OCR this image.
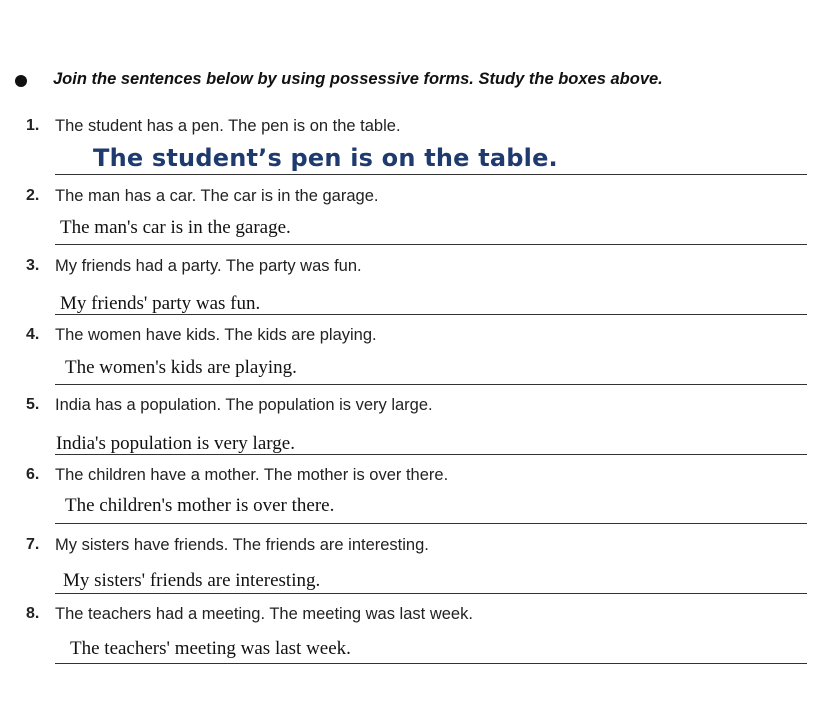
Join the sentences below by using possessive forms. Study the boxes above.
1. The student has a pen. The pen is on the table.
The student’s pen is on the table.
2. The man has a car. The car is in the garage.
The man's car is in the garage.
3. My friends had a party. The party was fun.
My friends' party was fun.
4. The women have kids. The kids are playing.
The women's kids are playing.
5. India has a population. The population is very large.
India's population is very large.
6. The children have a mother. The mother is over there.
The children's mother is over there.
7. My sisters have friends. The friends are interesting.
My sisters' friends are interesting.
8. The teachers had a meeting. The meeting was last week.
The teachers' meeting was last week.
